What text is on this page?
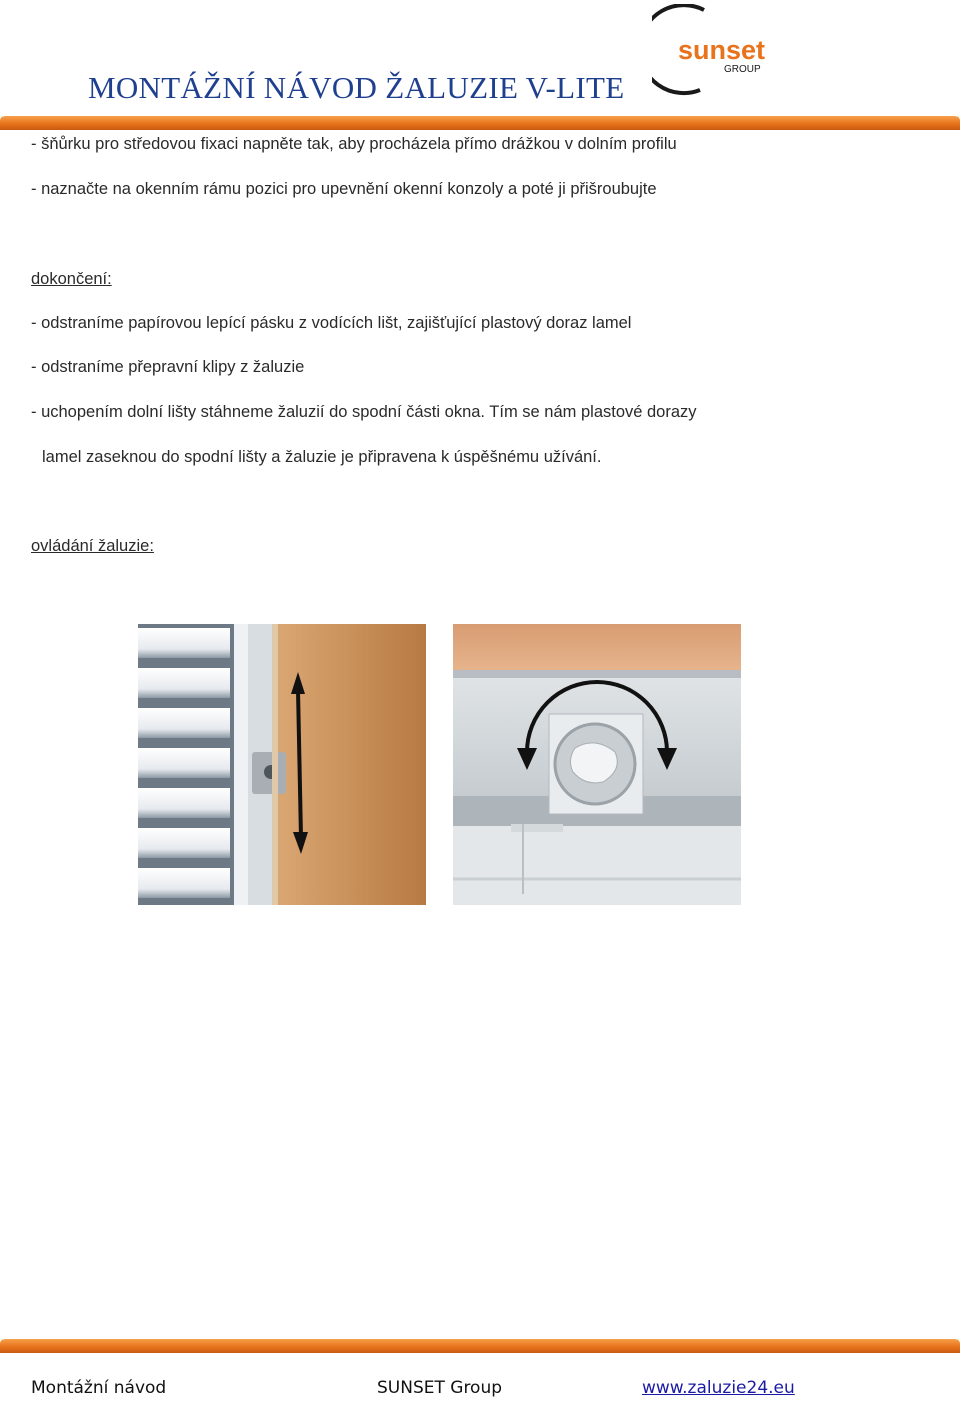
MONTÁŽNÍ NÁVOD ŽALUZIE V-LITE
sunset
GROUP
- šňůrku pro středovou fixaci napněte tak, aby procházela přímo drážkou v dolním profilu
- naznačte na okenním rámu pozici pro upevnění okenní konzoly a poté ji přišroubujte
dokončení:
- odstraníme papírovou lepící pásku z vodících lišt, zajišťující plastový doraz lamel
- odstraníme přepravní klipy z žaluzie
- uchopením dolní lišty stáhneme žaluzií do spodní části okna. Tím se nám plastové dorazy
lamel zaseknou do spodní lišty a žaluzie je připravena k úspěšnému užívání.
ovládání žaluzie:
Montážní návod	SUNSET Group	www.zaluzie24.eu
